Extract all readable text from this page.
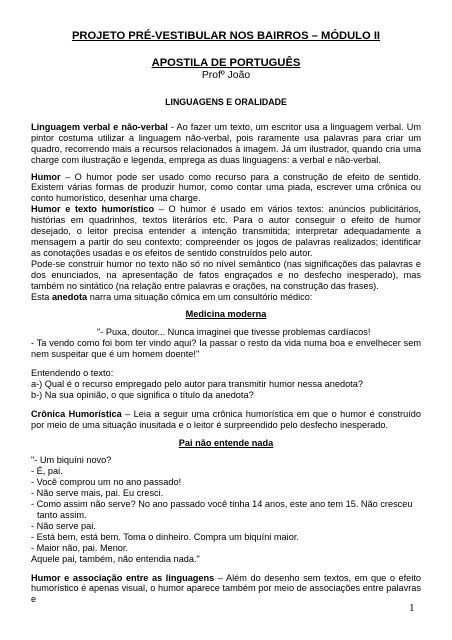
PROJETO PRÉ-VESTIBULAR NOS BAIRROS – MÓDULO II
APOSTILA DE PORTUGUÊS
Profº João
LINGUAGENS E ORALIDADE

Linguagem verbal e não-verbal - Ao fazer um texto, um escritor usa a linguagem verbal. Um pintor costuma utilizar a linguagem não-verbal, pois raramente usa palavras para criar um quadro, recorrendo mais a recursos relacionados à imagem. Já um ilustrador, quando cria uma charge com ilustração e legenda, emprega as duas linguagens: a verbal e não-verbal.

Humor – O humor pode ser usado como recurso para a construção de efeito de sentido. Existem várias formas de produzir humor, como contar uma piada, escrever uma crônica ou conto humorístico, desenhar uma charge.

Humor e texto humorístico – O humor é usado em vários textos: anúncios publicitários, histórias em quadrinhos, textos literários etc. Para o autor conseguir o efeito de humor desejado, o leitor precisa entender a intenção transmitida; interpretar adequadamente a mensagem a partir do seu contexto; compreender os jogos de palavras realizados; identificar as conotações usadas e os efeitos de sentido construídos pelo autor.

Pode-se construir humor no texto não só no nível semântico (nas significações das palavras e dos enunciados, na apresentação de fatos engraçados e no desfecho inesperado), mas também no sintático (na relação entre palavras e orações, na construção das frases).

Esta anedota narra uma situação cômica em um consultório médico:

Medicina moderna

"- Puxa, doutor... Nunca imaginei que tivesse problemas cardíacos!

- Ta vendo como foi bom ter vindo aqui? Ia passar o resto da vida numa boa e envelhecer sem nem suspeitar que é um homem doente!"

Entendendo o texto:

a-) Qual é o recurso empregado pelo autor para transmitir humor nessa anedota?

b-) Na sua opinião, o que significa o título da anedota?

Crônica Humorística – Leia a seguir uma crônica humorística em que o humor é construído por meio de uma situação inusitada e o leitor é surpreendido pelo desfecho inesperado.

Pai não entende nada

"- Um biquíni novo?

- É, pai.

- Você comprou um no ano passado!

- Não serve mais, pai. Eu cresci.

- Como assim não serve? No ano passado você tinha 14 anos, este ano tem 15. Não cresceu tanto assim.

- Não serve pai.

- Está bem, está bem. Toma o dinheiro. Compra um biquíni maior.

- Maior não, pai. Menor.

Aquele pai, também, não entendia nada."

Humor e associação entre as linguagens – Além do desenho sem textos, em que o efeito humorístico é apenas visual, o humor aparece também por meio de associações entre palavras e

1
